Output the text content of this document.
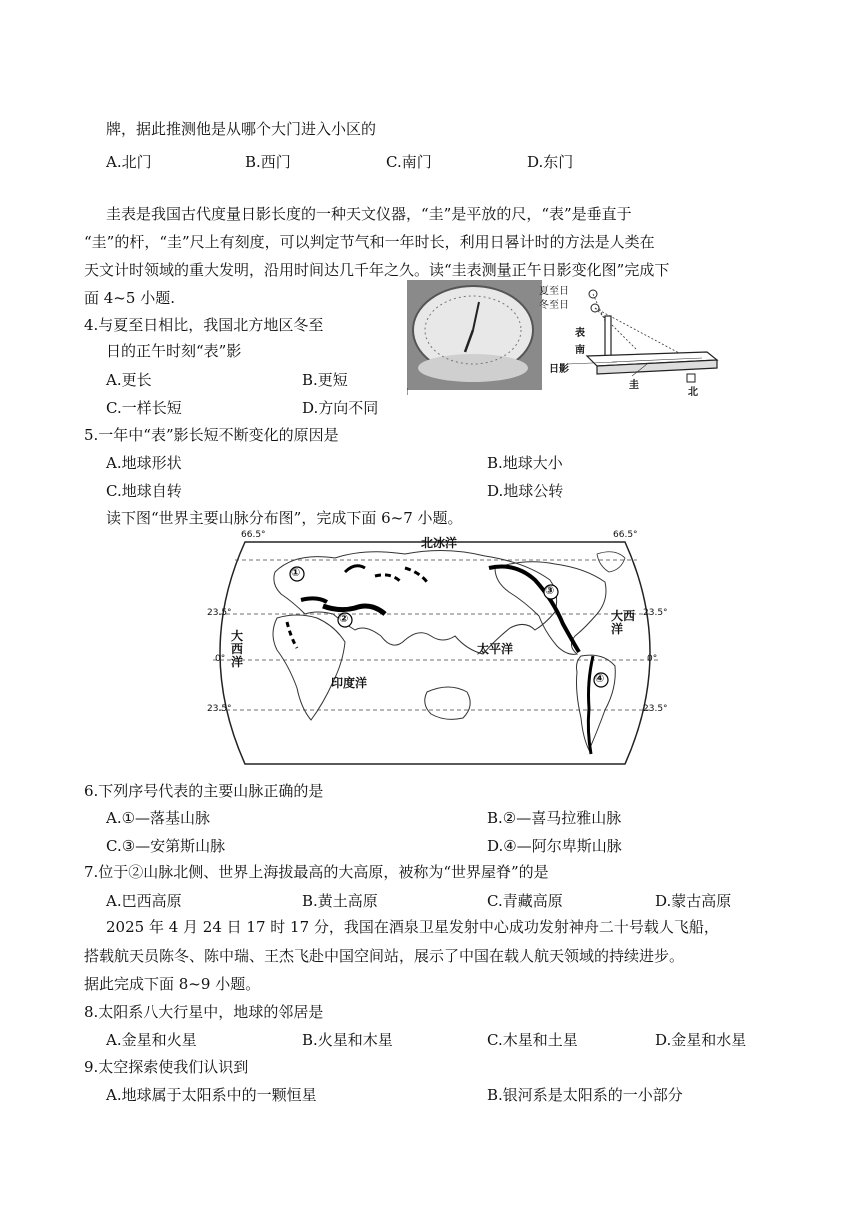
牌，据此推测他是从哪个大门进入小区的
A.北门	B.西门	C.南门	D.东门
圭表是我国古代度量日影长度的一种天文仪器，“圭”是平放的尺，“表”是垂直于
“圭”的杆，“圭”尺上有刻度，可以判定节气和一年时长，利用日晷计时的方法是人类在
天文计时领域的重大发明，沿用时间达几千年之久。读“圭表测量正午日影变化图”完成下
面 4~5 小题.	夏至日
冬至日
表
南
日影
圭
北
4.与夏至日相比，我国北方地区冬至
日的正午时刻“表”影
A.更长	B.更短
C.一样长短	D.方向不同
5.一年中“表”影长短不断变化的原因是
A.地球形状	B.地球大小
C.地球自转	D.地球公转
读下图“世界主要山脉分布图”，完成下面 6~7 小题。
①
②
③
④
北冰洋
太平洋
印度洋
大西洋
大西洋
66.5°
23.5°
0°
23.5°
66.5°
23.5°
0°
23.5°
6.下列序号代表的主要山脉正确的是
A.①—落基山脉	B.②—喜马拉雅山脉
C.③—安第斯山脉	D.④—阿尔卑斯山脉
7.位于②山脉北侧、世界上海拔最高的大高原，被称为“世界屋脊”的是
A.巴西高原	B.黄土高原	C.青藏高原	D.蒙古高原
2025 年 4 月 24 日 17 时 17 分，我国在酒泉卫星发射中心成功发射神舟二十号载人飞船，
搭载航天员陈冬、陈中瑞、王杰飞赴中国空间站，展示了中国在载人航天领域的持续进步。
据此完成下面 8~9 小题。
8.太阳系八大行星中，地球的邻居是
A.金星和火星	B.火星和木星	C.木星和土星	D.金星和水星
9.太空探索使我们认识到
A.地球属于太阳系中的一颗恒星	B.银河系是太阳系的一小部分
